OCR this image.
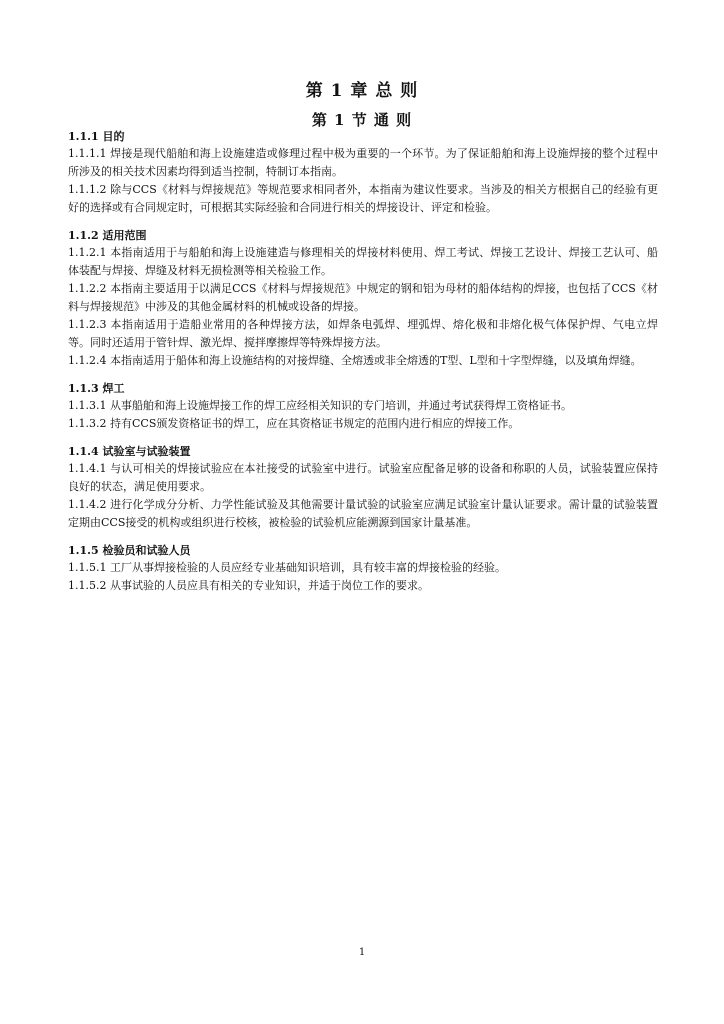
第 1 章 总 则
第 1 节 通 则
1.1.1 目的
1.1.1.1 焊接是现代船舶和海上设施建造或修理过程中极为重要的一个环节。为了保证船舶和海上设施焊接的整个过程中所涉及的相关技术因素均得到适当控制，特制订本指南。
1.1.1.2 除与CCS《材料与焊接规范》等规范要求相同者外，本指南为建议性要求。当涉及的相关方根据自己的经验有更好的选择或有合同规定时，可根据其实际经验和合同进行相关的焊接设计、评定和检验。
1.1.2 适用范围
1.1.2.1 本指南适用于与船舶和海上设施建造与修理相关的焊接材料使用、焊工考试、焊接工艺设计、焊接工艺认可、船体装配与焊接、焊缝及材料无损检测等相关检验工作。
1.1.2.2 本指南主要适用于以满足CCS《材料与焊接规范》中规定的钢和铝为母材的船体结构的焊接，也包括了CCS《材料与焊接规范》中涉及的其他金属材料的机械或设备的焊接。
1.1.2.3 本指南适用于造船业常用的各种焊接方法，如焊条电弧焊、埋弧焊、熔化极和非熔化极气体保护焊、气电立焊等。同时还适用于管针焊、激光焊、搅拌摩擦焊等特殊焊接方法。
1.1.2.4 本指南适用于船体和海上设施结构的对接焊缝、全熔透或非全熔透的T型、L型和十字型焊缝，以及填角焊缝。
1.1.3 焊工
1.1.3.1 从事船舶和海上设施焊接工作的焊工应经相关知识的专门培训，并通过考试获得焊工资格证书。
1.1.3.2 持有CCS颁发资格证书的焊工，应在其资格证书规定的范围内进行相应的焊接工作。
1.1.4 试验室与试验装置
1.1.4.1 与认可相关的焊接试验应在本社接受的试验室中进行。试验室应配备足够的设备和称职的人员，试验装置应保持良好的状态，满足使用要求。
1.1.4.2 进行化学成分分析、力学性能试验及其他需要计量试验的试验室应满足试验室计量认证要求。需计量的试验装置定期由CCS接受的机构或组织进行校核，被检验的试验机应能溯源到国家计量基准。
1.1.5 检验员和试验人员
1.1.5.1 工厂从事焊接检验的人员应经专业基础知识培训，具有较丰富的焊接检验的经验。
1.1.5.2 从事试验的人员应具有相关的专业知识，并适于岗位工作的要求。
1
